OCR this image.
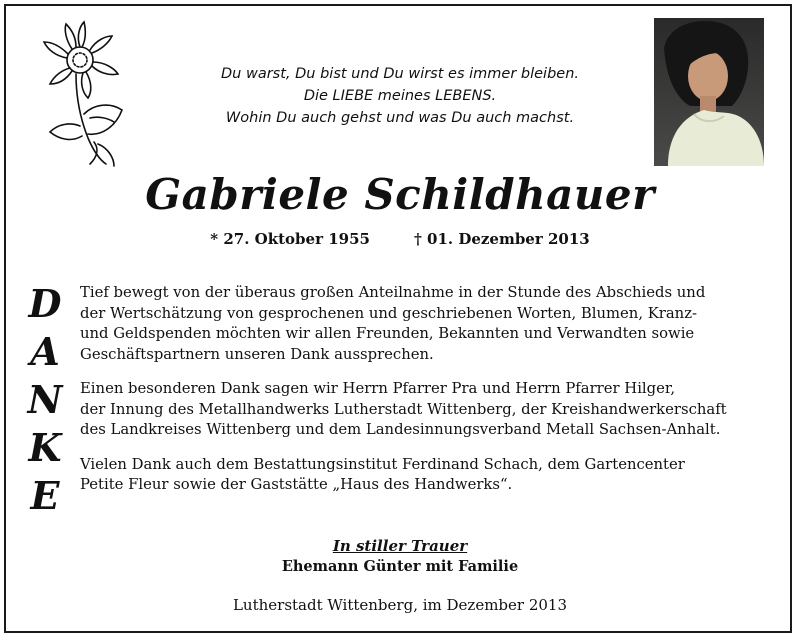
Du warst, Du bist und Du wirst es immer bleiben.
Die LIEBE meines LEBENS.
Wohin Du auch gehst und was Du auch machst.
Gabriele Schildhauer
* 27. Oktober 1955	† 01. Dezember 2013
D
A
N
K
E

Tief bewegt von der überaus großen Anteilnahme in der Stunde des Abschieds und
der Wertschätzung von gesprochenen und geschriebenen Worten, Blumen, Kranz-
und Geldspenden möchten wir allen Freunden, Bekannten und Verwandten sowie
Geschäftspartnern unseren Dank aussprechen.

Einen besonderen Dank sagen wir Herrn Pfarrer Pra und Herrn Pfarrer Hilger,
der Innung des Metallhandwerks Lutherstadt Wittenberg, der Kreishandwerkerschaft
des Landkreises Wittenberg und dem Landesinnungsverband Metall Sachsen-Anhalt.

Vielen Dank auch dem Bestattungsinstitut Ferdinand Schach, dem Gartencenter
Petite Fleur sowie der Gaststätte „Haus des Handwerks“.

In stiller Trauer
Ehemann Günter mit Familie
Lutherstadt Wittenberg, im Dezember 2013
